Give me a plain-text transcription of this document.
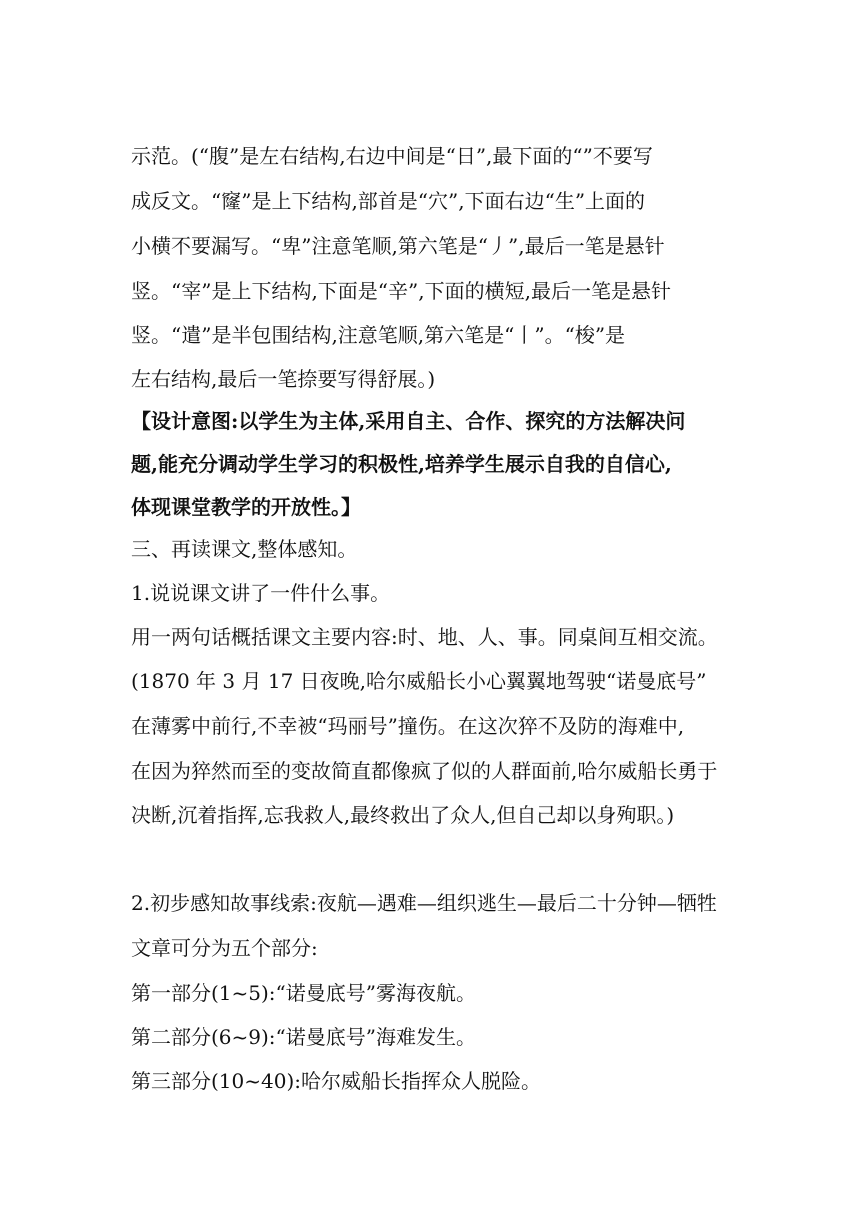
示范。(“腹”是左右结构,右边中间是“日”,最下面的“”不要写
成反文。“窿”是上下结构,部首是“穴”,下面右边“生”上面的
小横不要漏写。“卑”注意笔顺,第六笔是“丿”,最后一笔是悬针
竖。“宰”是上下结构,下面是“辛”,下面的横短,最后一笔是悬针
竖。“遣”是半包围结构,注意笔顺,第六笔是“丨”。“梭”是
左右结构,最后一笔捺要写得舒展。)
【设计意图:以学生为主体,采用自主、合作、探究的方法解决问
题,能充分调动学生学习的积极性,培养学生展示自我的自信心,
体现课堂教学的开放性。】
三、再读课文,整体感知。
1.说说课文讲了一件什么事。
用一两句话概括课文主要内容:时、地、人、事。同桌间互相交流。
(1870 年 3 月 17 日夜晚,哈尔威船长小心翼翼地驾驶“诺曼底号”
在薄雾中前行,不幸被“玛丽号”撞伤。在这次猝不及防的海难中,
在因为猝然而至的变故简直都像疯了似的人群面前,哈尔威船长勇于
决断,沉着指挥,忘我救人,最终救出了众人,但自己却以身殉职。)
2.初步感知故事线索:夜航—遇难—组织逃生—最后二十分钟—牺牲
文章可分为五个部分:
第一部分(1~5):“诺曼底号”雾海夜航。
第二部分(6~9):“诺曼底号”海难发生。
第三部分(10~40):哈尔威船长指挥众人脱险。
